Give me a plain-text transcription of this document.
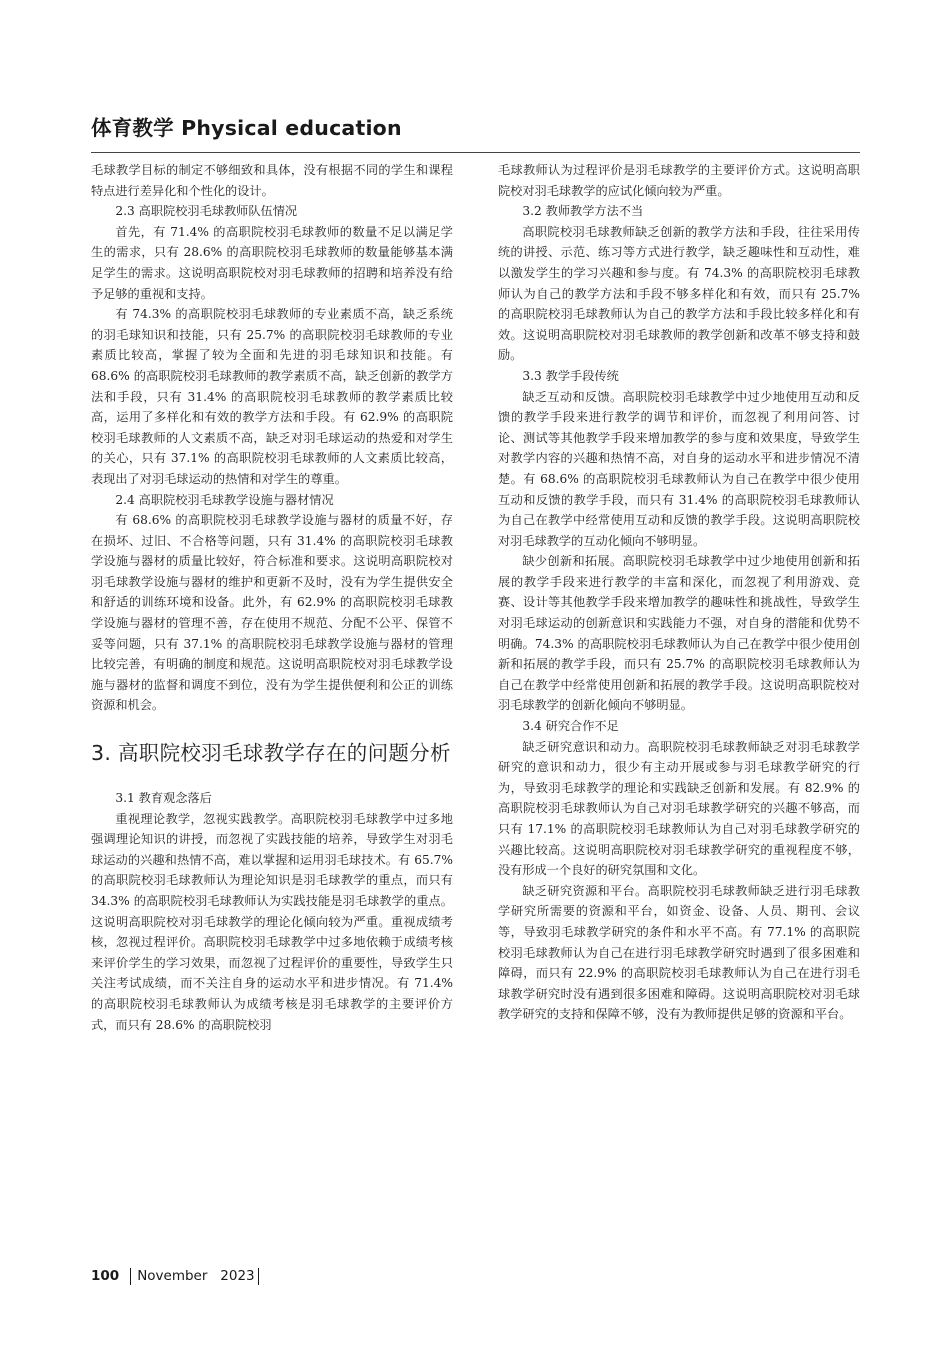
体育教学 Physical education

毛球教学目标的制定不够细致和具体，没有根据不同的学生和课程特点进行差异化和个性化的设计。

2.3 高职院校羽毛球教师队伍情况

首先，有 71.4% 的高职院校羽毛球教师的数量不足以满足学生的需求，只有 28.6% 的高职院校羽毛球教师的数量能够基本满足学生的需求。这说明高职院校对羽毛球教师的招聘和培养没有给予足够的重视和支持。

有 74.3% 的高职院校羽毛球教师的专业素质不高，缺乏系统的羽毛球知识和技能，只有 25.7% 的高职院校羽毛球教师的专业素质比较高，掌握了较为全面和先进的羽毛球知识和技能。有 68.6% 的高职院校羽毛球教师的教学素质不高，缺乏创新的教学方法和手段，只有 31.4% 的高职院校羽毛球教师的教学素质比较高，运用了多样化和有效的教学方法和手段。有 62.9% 的高职院校羽毛球教师的人文素质不高，缺乏对羽毛球运动的热爱和对学生的关心，只有 37.1% 的高职院校羽毛球教师的人文素质比较高，表现出了对羽毛球运动的热情和对学生的尊重。

2.4 高职院校羽毛球教学设施与器材情况

有 68.6% 的高职院校羽毛球教学设施与器材的质量不好，存在损坏、过旧、不合格等问题，只有 31.4% 的高职院校羽毛球教学设施与器材的质量比较好，符合标准和要求。这说明高职院校对羽毛球教学设施与器材的维护和更新不及时，没有为学生提供安全和舒适的训练环境和设备。此外，有 62.9% 的高职院校羽毛球教学设施与器材的管理不善，存在使用不规范、分配不公平、保管不妥等问题，只有 37.1% 的高职院校羽毛球教学设施与器材的管理比较完善，有明确的制度和规范。这说明高职院校对羽毛球教学设施与器材的监督和调度不到位，没有为学生提供便利和公正的训练资源和机会。

3. 高职院校羽毛球教学存在的问题分析

3.1 教育观念落后

重视理论教学，忽视实践教学。高职院校羽毛球教学中过多地强调理论知识的讲授，而忽视了实践技能的培养，导致学生对羽毛球运动的兴趣和热情不高，难以掌握和运用羽毛球技术。有 65.7% 的高职院校羽毛球教师认为理论知识是羽毛球教学的重点，而只有 34.3% 的高职院校羽毛球教师认为实践技能是羽毛球教学的重点。这说明高职院校对羽毛球教学的理论化倾向较为严重。重视成绩考核，忽视过程评价。高职院校羽毛球教学中过多地依赖于成绩考核来评价学生的学习效果，而忽视了过程评价的重要性，导致学生只关注考试成绩，而不关注自身的运动水平和进步情况。有 71.4% 的高职院校羽毛球教师认为成绩考核是羽毛球教学的主要评价方式，而只有 28.6% 的高职院校羽

毛球教师认为过程评价是羽毛球教学的主要评价方式。这说明高职院校对羽毛球教学的应试化倾向较为严重。

3.2 教师教学方法不当

高职院校羽毛球教师缺乏创新的教学方法和手段，往往采用传统的讲授、示范、练习等方式进行教学，缺乏趣味性和互动性，难以激发学生的学习兴趣和参与度。有 74.3% 的高职院校羽毛球教师认为自己的教学方法和手段不够多样化和有效，而只有 25.7% 的高职院校羽毛球教师认为自己的教学方法和手段比较多样化和有效。这说明高职院校对羽毛球教师的教学创新和改革不够支持和鼓励。

3.3 教学手段传统

缺乏互动和反馈。高职院校羽毛球教学中过少地使用互动和反馈的教学手段来进行教学的调节和评价，而忽视了利用问答、讨论、测试等其他教学手段来增加教学的参与度和效果度，导致学生对教学内容的兴趣和热情不高，对自身的运动水平和进步情况不清楚。有 68.6% 的高职院校羽毛球教师认为自己在教学中很少使用互动和反馈的教学手段，而只有 31.4% 的高职院校羽毛球教师认为自己在教学中经常使用互动和反馈的教学手段。这说明高职院校对羽毛球教学的互动化倾向不够明显。

缺少创新和拓展。高职院校羽毛球教学中过少地使用创新和拓展的教学手段来进行教学的丰富和深化，而忽视了利用游戏、竞赛、设计等其他教学手段来增加教学的趣味性和挑战性，导致学生对羽毛球运动的创新意识和实践能力不强，对自身的潜能和优势不明确。74.3% 的高职院校羽毛球教师认为自己在教学中很少使用创新和拓展的教学手段，而只有 25.7% 的高职院校羽毛球教师认为自己在教学中经常使用创新和拓展的教学手段。这说明高职院校对羽毛球教学的创新化倾向不够明显。

3.4 研究合作不足

缺乏研究意识和动力。高职院校羽毛球教师缺乏对羽毛球教学研究的意识和动力，很少有主动开展或参与羽毛球教学研究的行为，导致羽毛球教学的理论和实践缺乏创新和发展。有 82.9% 的高职院校羽毛球教师认为自己对羽毛球教学研究的兴趣不够高，而只有 17.1% 的高职院校羽毛球教师认为自己对羽毛球教学研究的兴趣比较高。这说明高职院校对羽毛球教学研究的重视程度不够，没有形成一个良好的研究氛围和文化。

缺乏研究资源和平台。高职院校羽毛球教师缺乏进行羽毛球教学研究所需要的资源和平台，如资金、设备、人员、期刊、会议等，导致羽毛球教学研究的条件和水平不高。有 77.1% 的高职院校羽毛球教师认为自己在进行羽毛球教学研究时遇到了很多困难和障碍，而只有 22.9% 的高职院校羽毛球教师认为自己在进行羽毛球教学研究时没有遇到很多困难和障碍。这说明高职院校对羽毛球教学研究的支持和保障不够，没有为教师提供足够的资源和平台。

100 November   2023
